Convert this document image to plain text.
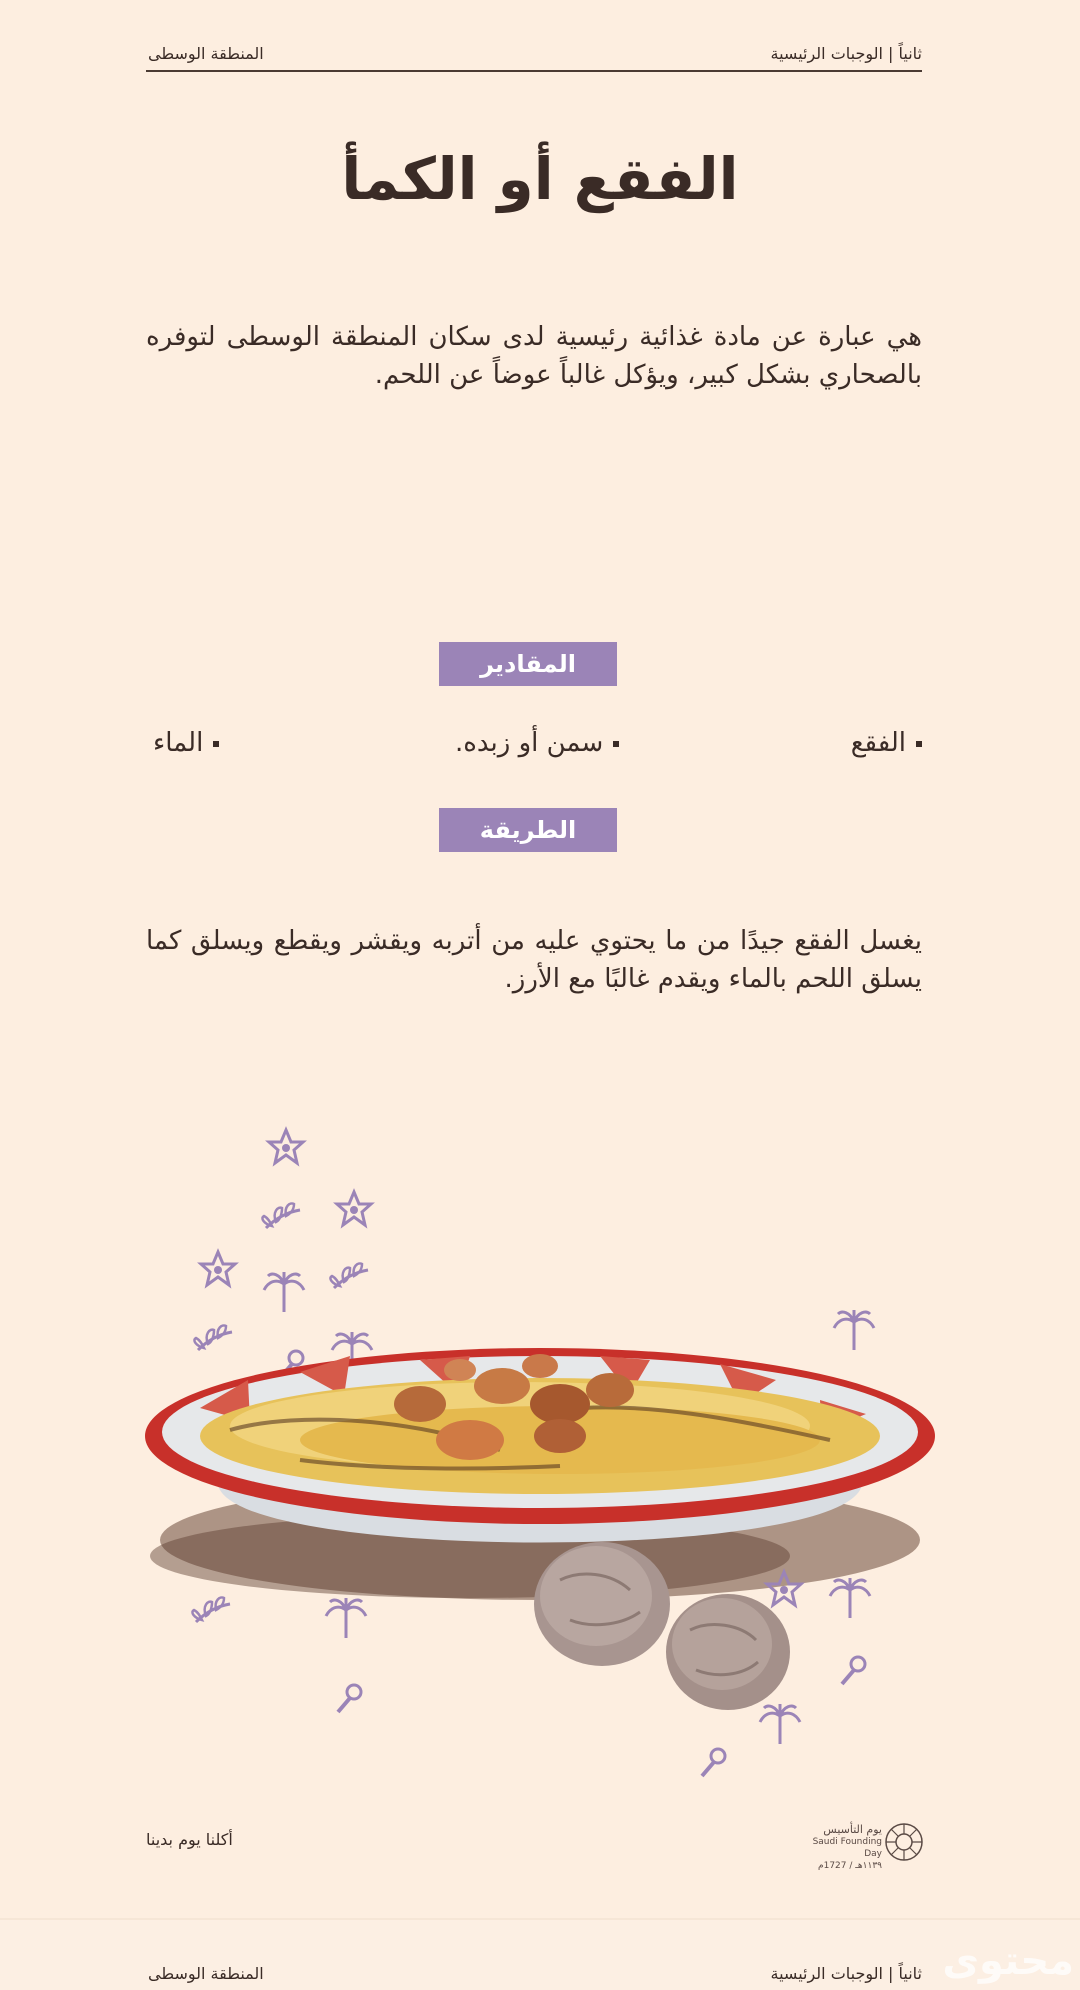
ثانياً | الوجبات الرئيسية
المنطقة الوسطى
الفقع أو الكمأ
هي عبارة عن مادة غذائية رئيسية لدى سكان المنطقة الوسطى لتوفره بالصحاري بشكل كبير، ويؤكل غالباً عوضاً عن اللحم.
المقادير
الفقع
سمن أو زبده.
الماء
الطريقة
يغسل الفقع جيدًا من ما يحتوي عليه من أتربه ويقشر ويقطع ويسلق كما يسلق اللحم بالماء ويقدم غالبًا مع الأرز.
أكلنا يوم بدينا
يوم التأسيس
Saudi Founding Day
١١٣٩هـ / 1727م
ثانياً | الوجبات الرئيسية
المنطقة الوسطى	محتوى
